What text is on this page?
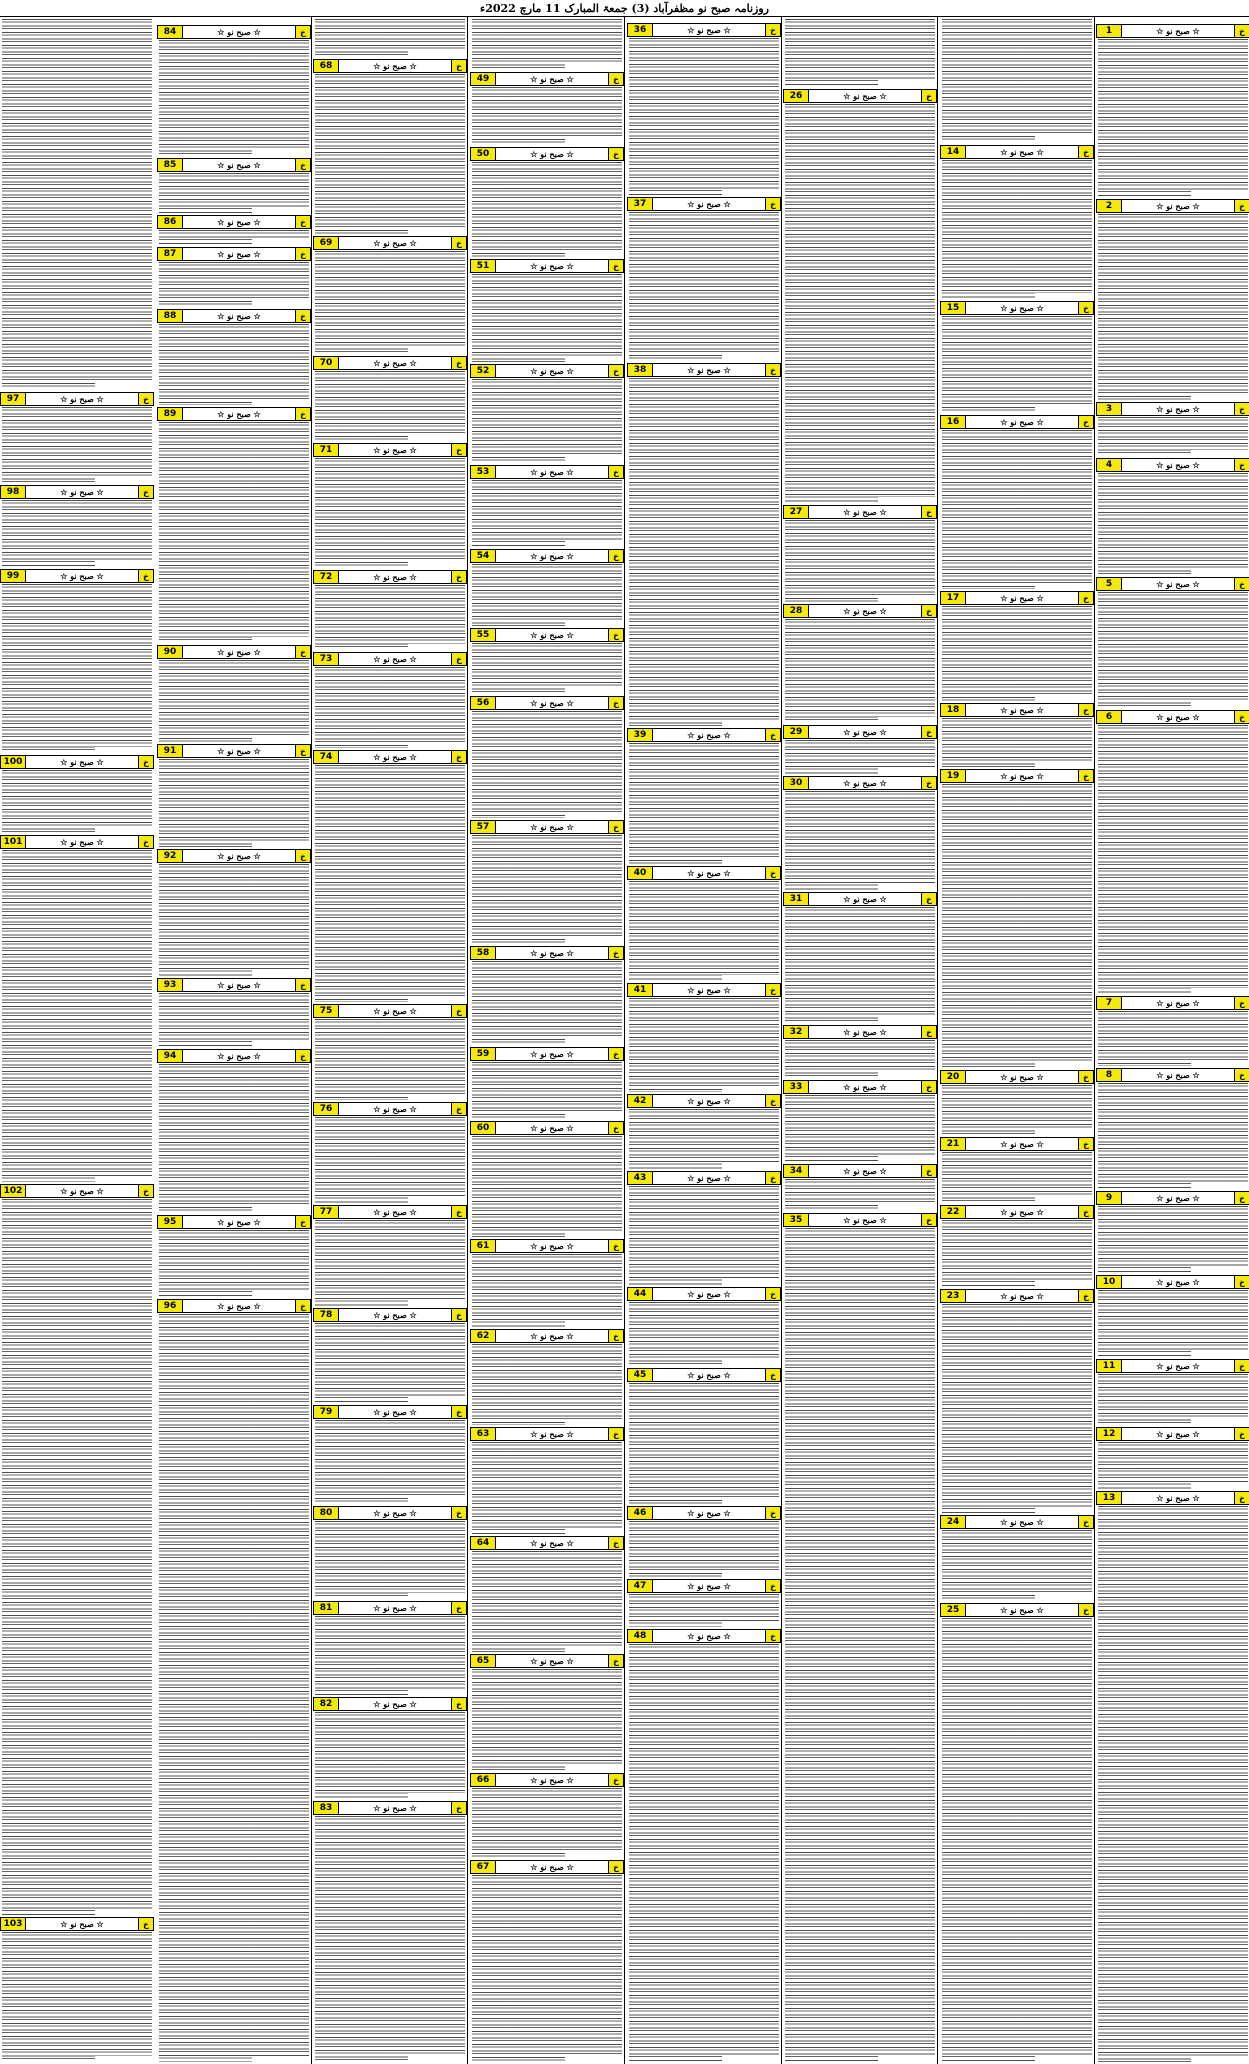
روزنامہ صبح نو مظفرآباد (3) جمعۃ المبارک 11 مارچ 2022ء
97	☆ صبح نو ☆	خ
98	☆ صبح نو ☆	خ
99	☆ صبح نو ☆	خ
100	☆ صبح نو ☆	خ
101	☆ صبح نو ☆	خ
102	☆ صبح نو ☆	خ
103	☆ صبح نو ☆	خ
84	☆ صبح نو ☆	خ
85	☆ صبح نو ☆	خ
86	☆ صبح نو ☆	خ
87	☆ صبح نو ☆	خ
88	☆ صبح نو ☆	خ
89	☆ صبح نو ☆	خ
90	☆ صبح نو ☆	خ
91	☆ صبح نو ☆	خ
92	☆ صبح نو ☆	خ
93	☆ صبح نو ☆	خ
94	☆ صبح نو ☆	خ
95	☆ صبح نو ☆	خ
96	☆ صبح نو ☆	خ
68	☆ صبح نو ☆	خ
69	☆ صبح نو ☆	خ
70	☆ صبح نو ☆	خ
71	☆ صبح نو ☆	خ
72	☆ صبح نو ☆	خ
73	☆ صبح نو ☆	خ
74	☆ صبح نو ☆	خ
75	☆ صبح نو ☆	خ
76	☆ صبح نو ☆	خ
77	☆ صبح نو ☆	خ
78	☆ صبح نو ☆	خ
79	☆ صبح نو ☆	خ
80	☆ صبح نو ☆	خ
81	☆ صبح نو ☆	خ
82	☆ صبح نو ☆	خ
83	☆ صبح نو ☆	خ
49	☆ صبح نو ☆	خ
50	☆ صبح نو ☆	خ
51	☆ صبح نو ☆	خ
52	☆ صبح نو ☆	خ
53	☆ صبح نو ☆	خ
54	☆ صبح نو ☆	خ
55	☆ صبح نو ☆	خ
56	☆ صبح نو ☆	خ
57	☆ صبح نو ☆	خ
58	☆ صبح نو ☆	خ
59	☆ صبح نو ☆	خ
60	☆ صبح نو ☆	خ
61	☆ صبح نو ☆	خ
62	☆ صبح نو ☆	خ
63	☆ صبح نو ☆	خ
64	☆ صبح نو ☆	خ
65	☆ صبح نو ☆	خ
66	☆ صبح نو ☆	خ
67	☆ صبح نو ☆	خ
36	☆ صبح نو ☆	خ
37	☆ صبح نو ☆	خ
38	☆ صبح نو ☆	خ
39	☆ صبح نو ☆	خ
40	☆ صبح نو ☆	خ
41	☆ صبح نو ☆	خ
42	☆ صبح نو ☆	خ
43	☆ صبح نو ☆	خ
44	☆ صبح نو ☆	خ
45	☆ صبح نو ☆	خ
46	☆ صبح نو ☆	خ
47	☆ صبح نو ☆	خ
48	☆ صبح نو ☆	خ
26	☆ صبح نو ☆	خ
27	☆ صبح نو ☆	خ
28	☆ صبح نو ☆	خ
29	☆ صبح نو ☆	خ
30	☆ صبح نو ☆	خ
31	☆ صبح نو ☆	خ
32	☆ صبح نو ☆	خ
33	☆ صبح نو ☆	خ
34	☆ صبح نو ☆	خ
35	☆ صبح نو ☆	خ
14	☆ صبح نو ☆	خ
15	☆ صبح نو ☆	خ
16	☆ صبح نو ☆	خ
17	☆ صبح نو ☆	خ
18	☆ صبح نو ☆	خ
19	☆ صبح نو ☆	خ
20	☆ صبح نو ☆	خ
21	☆ صبح نو ☆	خ
22	☆ صبح نو ☆	خ
23	☆ صبح نو ☆	خ
24	☆ صبح نو ☆	خ
25	☆ صبح نو ☆	خ
1	☆ صبح نو ☆	خ
2	☆ صبح نو ☆	خ
3	☆ صبح نو ☆	خ
4	☆ صبح نو ☆	خ
5	☆ صبح نو ☆	خ
6	☆ صبح نو ☆	خ
7	☆ صبح نو ☆	خ
8	☆ صبح نو ☆	خ
9	☆ صبح نو ☆	خ
10	☆ صبح نو ☆	خ
11	☆ صبح نو ☆	خ
12	☆ صبح نو ☆	خ
13	☆ صبح نو ☆	خ
